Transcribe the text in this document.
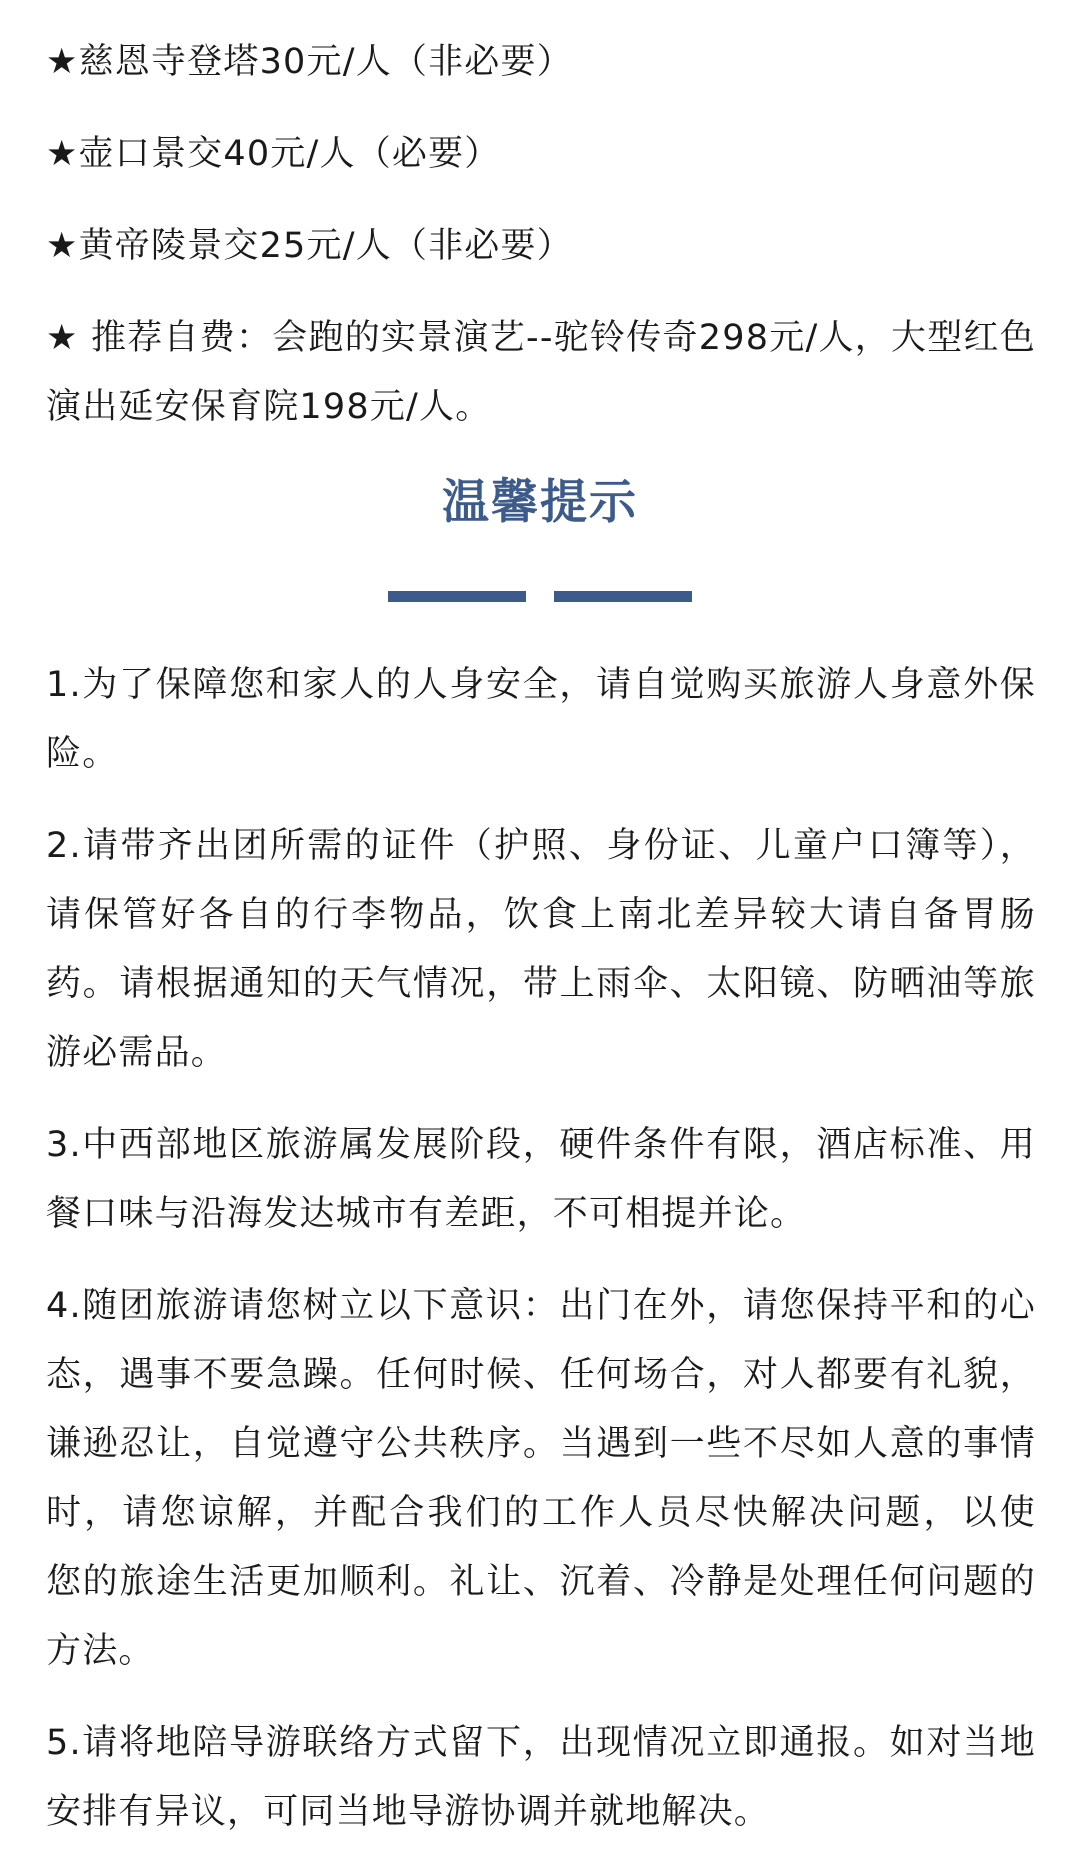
★慈恩寺登塔30元/人（非必要）
★壶口景交40元/人（必要）
★黄帝陵景交25元/人（非必要）
★ 推荐自费：会跑的实景演艺--驼铃传奇298元/人，大型红色演出延安保育院198元/人。
温馨提示
1.为了保障您和家人的人身安全，请自觉购买旅游人身意外保险。
2.请带齐出团所需的证件（护照、身份证、儿童户口簿等），请保管好各自的行李物品，饮食上南北差异较大请自备胃肠药。请根据通知的天气情况，带上雨伞、太阳镜、防晒油等旅游必需品。
3.中西部地区旅游属发展阶段，硬件条件有限，酒店标准、用餐口味与沿海发达城市有差距，不可相提并论。
4.随团旅游请您树立以下意识：出门在外，请您保持平和的心态，遇事不要急躁。任何时候、任何场合，对人都要有礼貌，谦逊忍让，自觉遵守公共秩序。当遇到一些不尽如人意的事情时，请您谅解，并配合我们的工作人员尽快解决问题，以使　您的旅途生活更加顺利。礼让、沉着、冷静是处理任何问题的方法。
5.请将地陪导游联络方式留下，出现情况立即通报。如对当地安排有异议，可同当地导游协调并就地解决。
